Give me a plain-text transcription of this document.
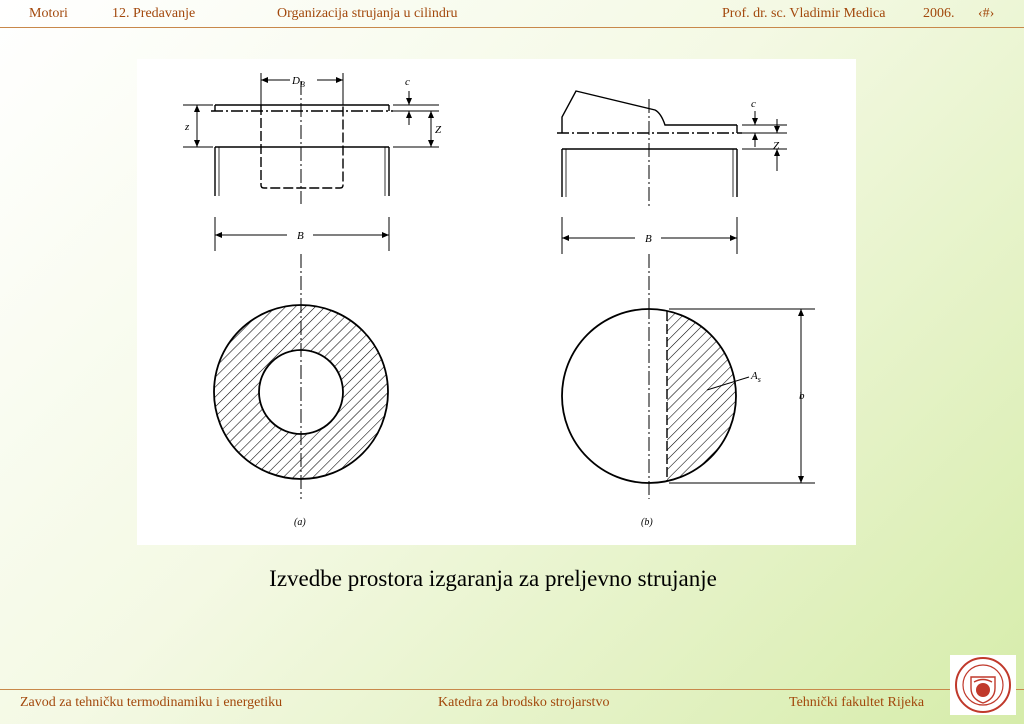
Motori	12. Predavanje	Organizacija strujanja u cilindru	Prof. dr. sc. Vladimir Medica	2006. ‹#›
$D_B$	c
z	Z
B
(a)
c
Z
B
$A_s$
b
(b)
Izvedbe prostora izgaranja za preljevno strujanje
Zavod za tehničku termodinamiku i energetiku	Katedra za brodsko strojarstvo	Tehnički fakultet Rijeka
